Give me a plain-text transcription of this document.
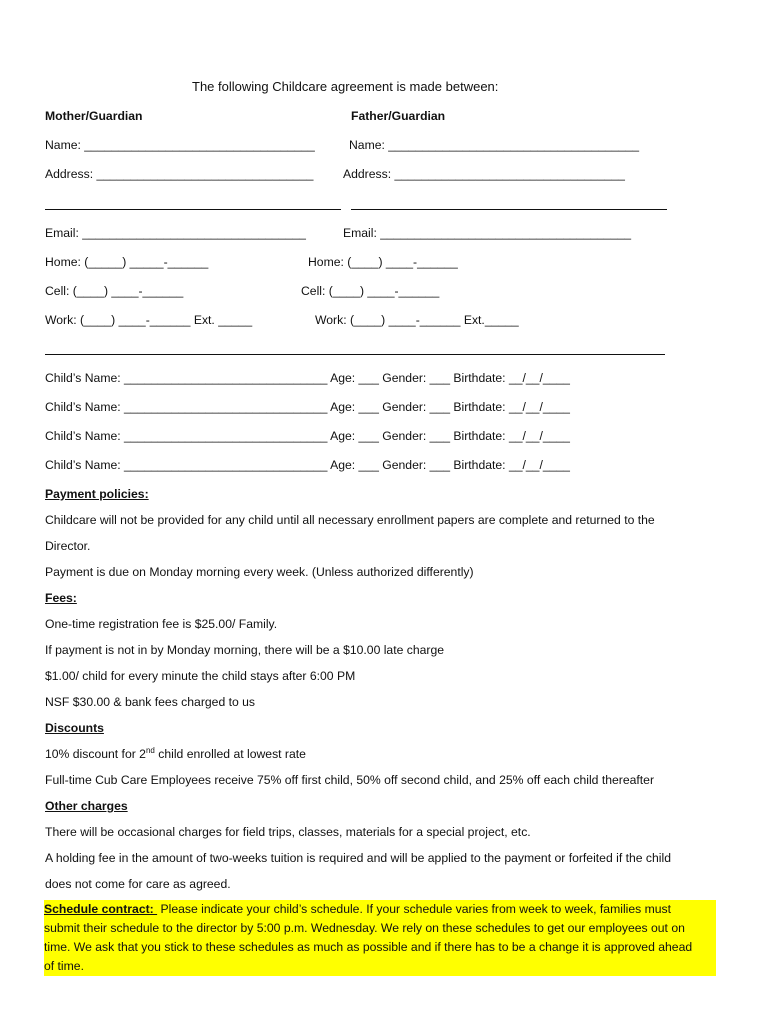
The following Childcare agreement is made between:
Mother/Guardian	Father/Guardian
Name: __________________________________	Name: _____________________________________
Address: ________________________________ Address: __________________________________
Email: _________________________________	Email: _____________________________________
Home: (_____) _____-______	Home: (____) ____-______
Cell: (____) ____-______	Cell: (____) ____-______
Work: (____) ____-______ Ext. _____	Work: (____) ____-______ Ext._____
Child’s Name: ______________________________ Age: ___ Gender: ___ Birthdate: __/__/____
Child’s Name: ______________________________ Age: ___ Gender: ___ Birthdate: __/__/____
Child’s Name: ______________________________ Age: ___ Gender: ___ Birthdate: __/__/____
Child’s Name: ______________________________ Age: ___ Gender: ___ Birthdate: __/__/____
Payment policies:
Childcare will not be provided for any child until all necessary enrollment papers are complete and returned to the
Director.
Payment is due on Monday morning every week. (Unless authorized differently)
Fees:
One-time registration fee is $25.00/ Family.
If payment is not in by Monday morning, there will be a $10.00 late charge
$1.00/ child for every minute the child stays after 6:00 PM
NSF $30.00 & bank fees charged to us
Discounts
10% discount for 2nd child enrolled at lowest rate
Full-time Cub Care Employees receive 75% off first child, 50% off second child, and 25% off each child thereafter
Other charges
There will be occasional charges for field trips, classes, materials for a special project, etc.
A holding fee in the amount of two-weeks tuition is required and will be applied to the payment or forfeited if the child
does not come for care as agreed.
Schedule contract:  Please indicate your child’s schedule. If your schedule varies from week to week, families must
submit their schedule to the director by 5:00 p.m. Wednesday. We rely on these schedules to get our employees out on
time. We ask that you stick to these schedules as much as possible and if there has to be a change it is approved ahead
of time.
